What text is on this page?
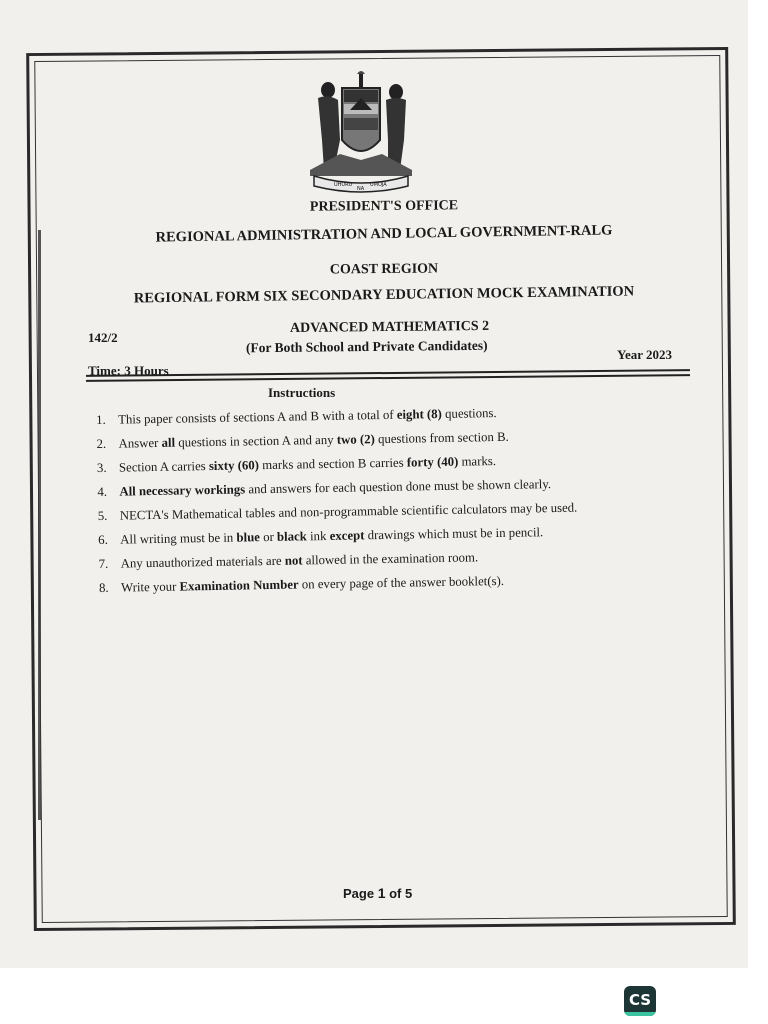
UHURU
NA
UMOJA
PRESIDENT'S OFFICE
REGIONAL ADMINISTRATION AND LOCAL GOVERNMENT-RALG
COAST REGION
REGIONAL FORM SIX SECONDARY EDUCATION MOCK EXAMINATION
142/2
ADVANCED MATHEMATICS 2
(For Both School and Private Candidates)
Time: 3 Hours
Year 2023
Instructions
1. This paper consists of sections A and B with a total of eight (8) questions.
2. Answer all questions in section A and any two (2) questions from section B.
3. Section A carries sixty (60) marks and section B carries forty (40) marks.
4. All necessary workings and answers for each question done must be shown clearly.
5. NECTA's Mathematical tables and non-programmable scientific calculators may be used.
6. All writing must be in blue or black ink except drawings which must be in pencil.
7. Any unauthorized materials are not allowed in the examination room.
8. Write your Examination Number on every page of the answer booklet(s).
Page 1 of 5
CS
